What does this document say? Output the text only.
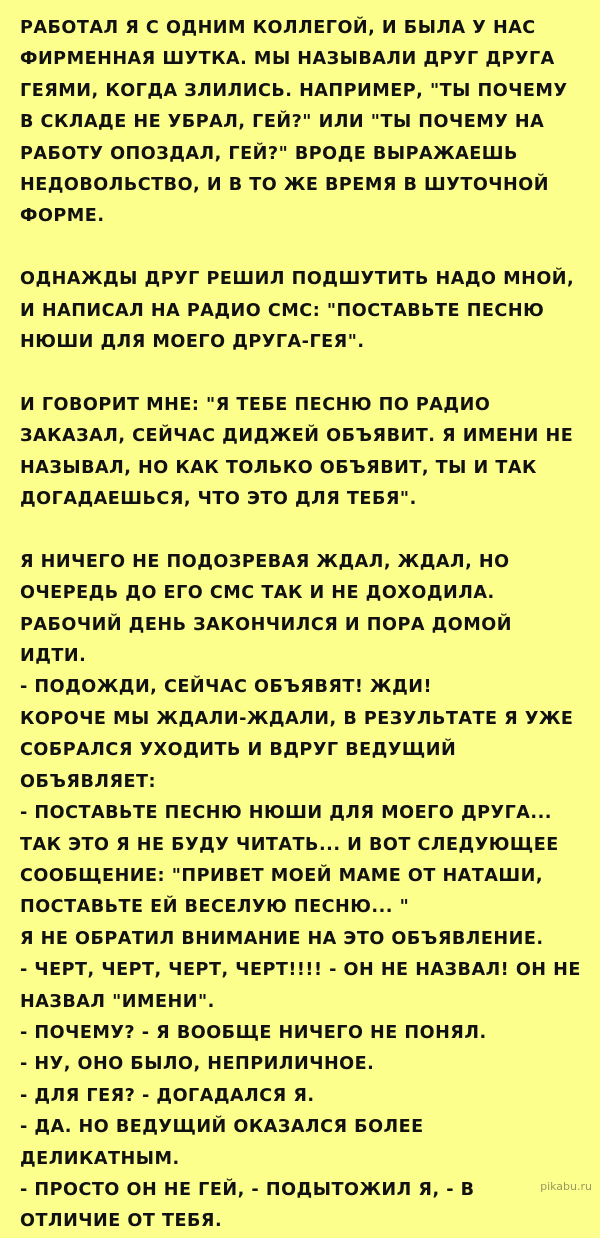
РАБОТАЛ Я С ОДНИМ КОЛЛЕГОЙ, И БЫЛА У НАС
ФИРМЕННАЯ ШУТКА. МЫ НАЗЫВАЛИ ДРУГ ДРУГА
ГЕЯМИ, КОГДА ЗЛИЛИСЬ. НАПРИМЕР, "ТЫ ПОЧЕМУ
В СКЛАДЕ НЕ УБРАЛ, ГЕЙ?" ИЛИ "ТЫ ПОЧЕМУ НА
РАБОТУ ОПОЗДАЛ, ГЕЙ?" ВРОДЕ ВЫРАЖАЕШЬ
НЕДОВОЛЬСТВО, И В ТО ЖЕ ВРЕМЯ В ШУТОЧНОЙ
ФОРМЕ.
ОДНАЖДЫ ДРУГ РЕШИЛ ПОДШУТИТЬ НАДО МНОЙ,
И НАПИСАЛ НА РАДИО СМС: "ПОСТАВЬТЕ ПЕСНЮ
НЮШИ ДЛЯ МОЕГО ДРУГА-ГЕЯ".
И ГОВОРИТ МНЕ: "Я ТЕБЕ ПЕСНЮ ПО РАДИО
ЗАКАЗАЛ, СЕЙЧАС ДИДЖЕЙ ОБЪЯВИТ. Я ИМЕНИ НЕ
НАЗЫВАЛ, НО КАК ТОЛЬКО ОБЪЯВИТ, ТЫ И ТАК
ДОГАДАЕШЬСЯ, ЧТО ЭТО ДЛЯ ТЕБЯ".
Я НИЧЕГО НЕ ПОДОЗРЕВАЯ ЖДАЛ, ЖДАЛ, НО
ОЧЕРЕДЬ ДО ЕГО СМС ТАК И НЕ ДОХОДИЛА.
РАБОЧИЙ ДЕНЬ ЗАКОНЧИЛСЯ И ПОРА ДОМОЙ
ИДТИ.
- ПОДОЖДИ, СЕЙЧАС ОБЪЯВЯТ! ЖДИ!
КОРОЧЕ МЫ ЖДАЛИ-ЖДАЛИ, В РЕЗУЛЬТАТЕ Я УЖЕ
СОБРАЛСЯ УХОДИТЬ И ВДРУГ ВЕДУЩИЙ
ОБЪЯВЛЯЕТ:
- ПОСТАВЬТЕ ПЕСНЮ НЮШИ ДЛЯ МОЕГО ДРУГА...
ТАК ЭТО Я НЕ БУДУ ЧИТАТЬ... И ВОТ СЛЕДУЮЩЕЕ
СООБЩЕНИЕ: "ПРИВЕТ МОЕЙ МАМЕ ОТ НАТАШИ,
ПОСТАВЬТЕ ЕЙ ВЕСЕЛУЮ ПЕСНЮ... "
Я НЕ ОБРАТИЛ ВНИМАНИЕ НА ЭТО ОБЪЯВЛЕНИЕ.
- ЧЕРТ, ЧЕРТ, ЧЕРТ, ЧЕРТ!!!! - ОН НЕ НАЗВАЛ! ОН НЕ
НАЗВАЛ "ИМЕНИ".
- ПОЧЕМУ? - Я ВООБЩЕ НИЧЕГО НЕ ПОНЯЛ.
- НУ, ОНО БЫЛО, НЕПРИЛИЧНОЕ.
- ДЛЯ ГЕЯ? - ДОГАДАЛСЯ Я.
- ДА. НО ВЕДУЩИЙ ОКАЗАЛСЯ БОЛЕЕ
ДЕЛИКАТНЫМ.
- ПРОСТО ОН НЕ ГЕЙ, - ПОДЫТОЖИЛ Я, - В
ОТЛИЧИЕ ОТ ТЕБЯ.
pikabu.ru
